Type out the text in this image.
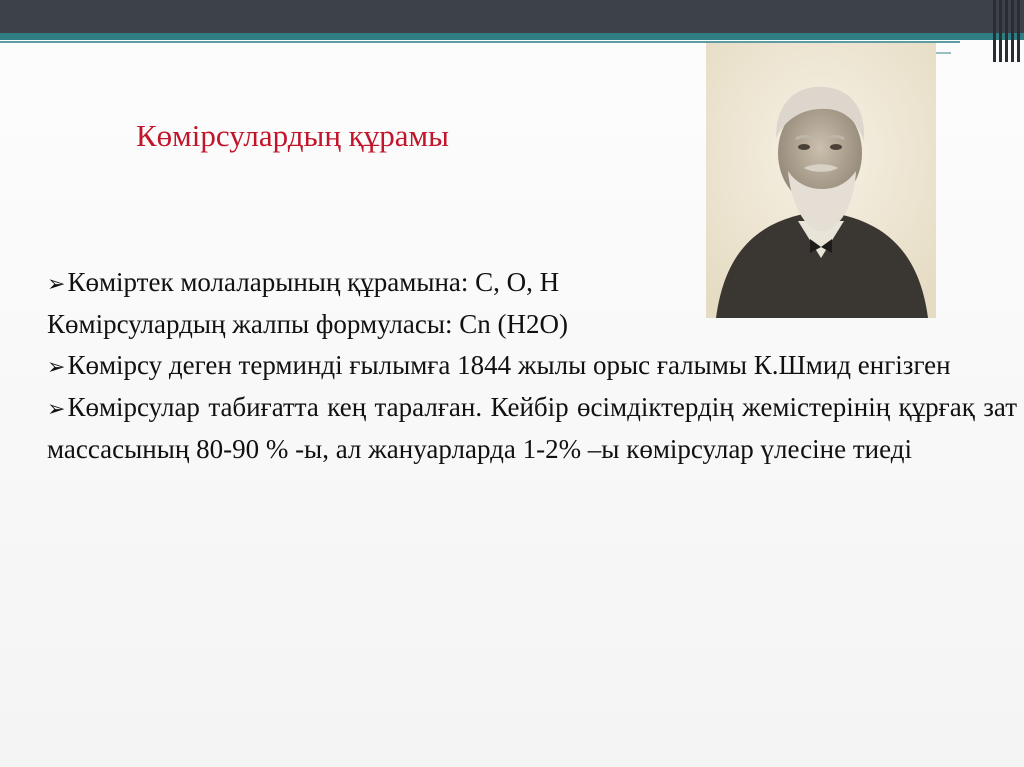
Көмірсулардың құрамы

➢Көміртек молаларының құрамына: С, О, Н

Көмірсулардың жалпы формуласы: Cn (H2O)

➢Көмірсу деген терминді ғылымға 1844 жылы орыс ғалымы К.Шмид енгізген

➢Көмірсулар табиғатта кең таралған. Кейбір өсімдіктердің жемістерінің құрғақ зат массасының 80-90 % -ы, ал жануарларда 1-2% –ы көмірсулар үлесіне тиеді
